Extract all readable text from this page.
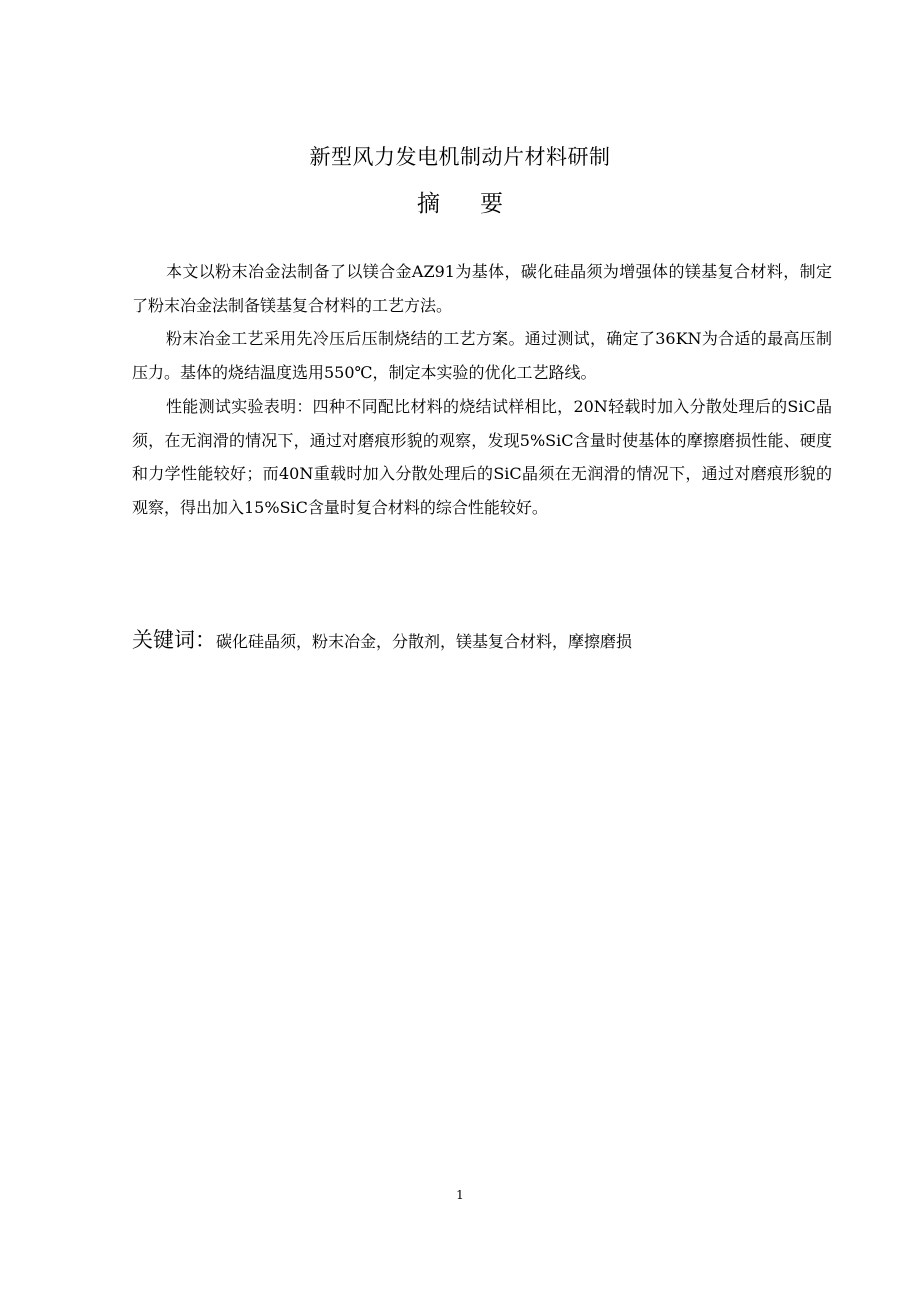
新型风力发电机制动片材料研制
摘要

本文以粉末冶金法制备了以镁合金AZ91为基体，碳化硅晶须为增强体的镁基复合材料，制定了粉末冶金法制备镁基复合材料的工艺方法。

粉末冶金工艺采用先冷压后压制烧结的工艺方案。通过测试，确定了36KN为合适的最高压制压力。基体的烧结温度选用550℃，制定本实验的优化工艺路线。

性能测试实验表明：四种不同配比材料的烧结试样相比，20N轻载时加入分散处理后的SiC晶须，在无润滑的情况下，通过对磨痕形貌的观察，发现5%SiC含量时使基体的摩擦磨损性能、硬度和力学性能较好；而40N重载时加入分散处理后的SiC晶须在无润滑的情况下，通过对磨痕形貌的观察，得出加入15%SiC含量时复合材料的综合性能较好。

关键词：碳化硅晶须，粉末冶金，分散剂，镁基复合材料，摩擦磨损
1
